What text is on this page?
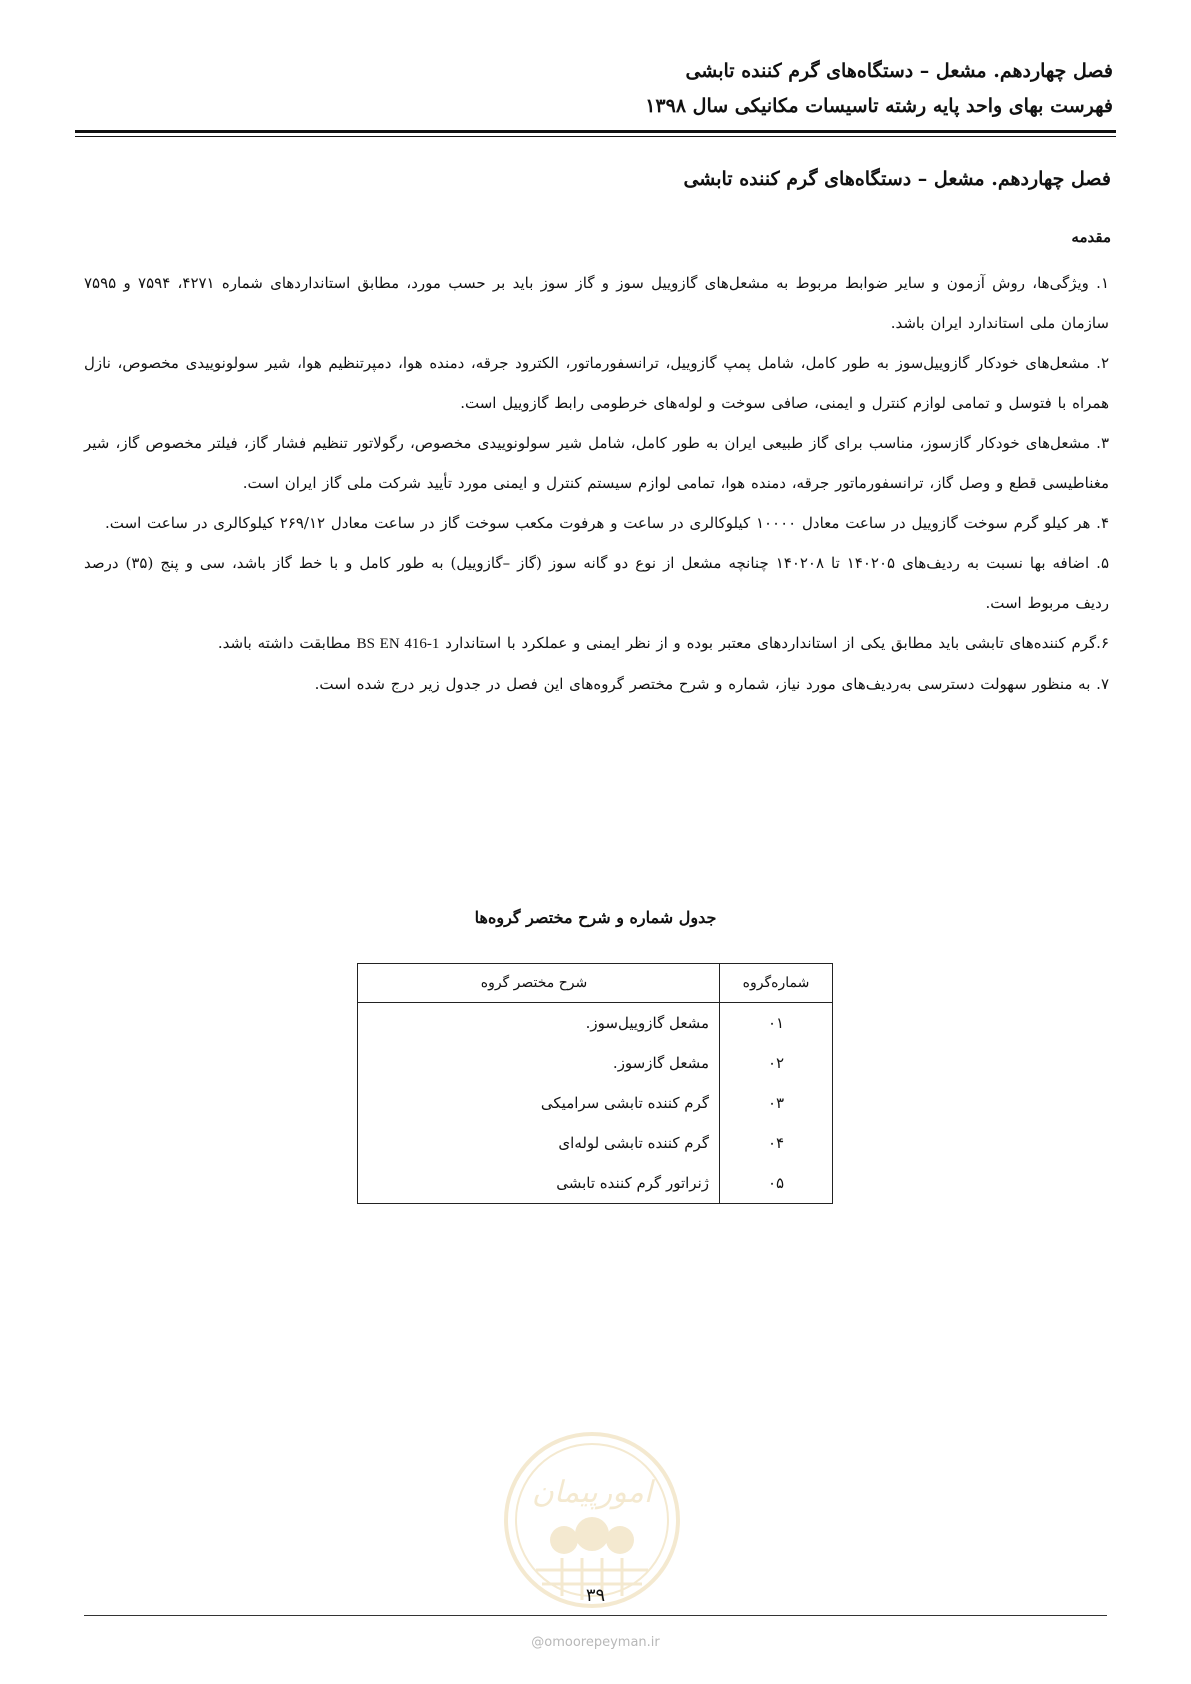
فصل چهاردهم. مشعل – دستگاه‌های گرم کننده تابشی
فهرست بهای واحد پایه رشته تاسیسات مکانیکی سال ۱۳۹۸
فصل چهاردهم. مشعل – دستگاه‌های گرم کننده تابشی
مقدمه

۱. ویژگی‌ها، روش آزمون و سایر ضوابط مربوط به مشعل‌های گازوییل سوز و گاز سوز باید بر حسب مورد، مطابق استانداردهای شماره ۴۲۷۱، ۷۵۹۴ و ۷۵۹۵ سازمان ملی استاندارد ایران باشد.

۲. مشعل‌های خودکار گازوییل‌سوز به طور کامل، شامل پمپ گازوییل، ترانسفورماتور، الکترود جرقه، دمنده هوا، دمپرتنظیم هوا، شیر سولونوییدی مخصوص، نازل همراه با فتوسل و تمامی لوازم کنترل و ایمنی، صافی سوخت و لوله‌های خرطومی رابط گازوییل است.

۳. مشعل‌های خودکار گازسوز، مناسب برای گاز طبیعی ایران به طور کامل، شامل شیر سولونوییدی مخصوص، رگولاتور تنظیم فشار گاز، فیلتر مخصوص گاز، شیر مغناطیسی قطع و وصل گاز، ترانسفورماتور جرقه، دمنده هوا، تمامی لوازم سیستم کنترل و ایمنی مورد تأیید شرکت ملی گاز ایران است.

۴. هر کیلو گرم سوخت گازوییل در ساعت معادل ۱۰۰۰۰ کیلوکالری در ساعت و هرفوت مکعب سوخت گاز در ساعت معادل ۲۶۹/۱۲ کیلوکالری در ساعت است.

۵. اضافه بها نسبت به ردیف‌های ۱۴۰۲۰۵ تا ۱۴۰۲۰۸ چنانچه مشعل از نوع دو گانه سوز (گاز –گازوییل) به طور کامل و با خط گاز باشد، سی و پنج (۳۵) درصد ردیف مربوط است.

۶.گرم کننده‌های تابشی باید مطابق یکی از استانداردهای معتبر بوده و از نظر ایمنی و عملکرد با استاندارد BS EN 416-1 مطابقت داشته باشد.

۷. به منظور سهولت دسترسی به‌ردیف‌های مورد نیاز، شماره و شرح مختصر گروه‌های این فصل در جدول زیر درج شده است.

جدول شماره و شرح مختصر گروه‌ها
شماره‌گروه	شرح مختصر گروه
۰۱	مشعل گازوییل‌سوز.
۰۲	مشعل گازسوز.
۰۳	گرم کننده تابشی سرامیکی
۰۴	گرم کننده تابشی لوله‌ای
۰۵	ژنراتور گرم کننده تابشی
امورپیمان
۳۹
@omoorepeyman.ir
